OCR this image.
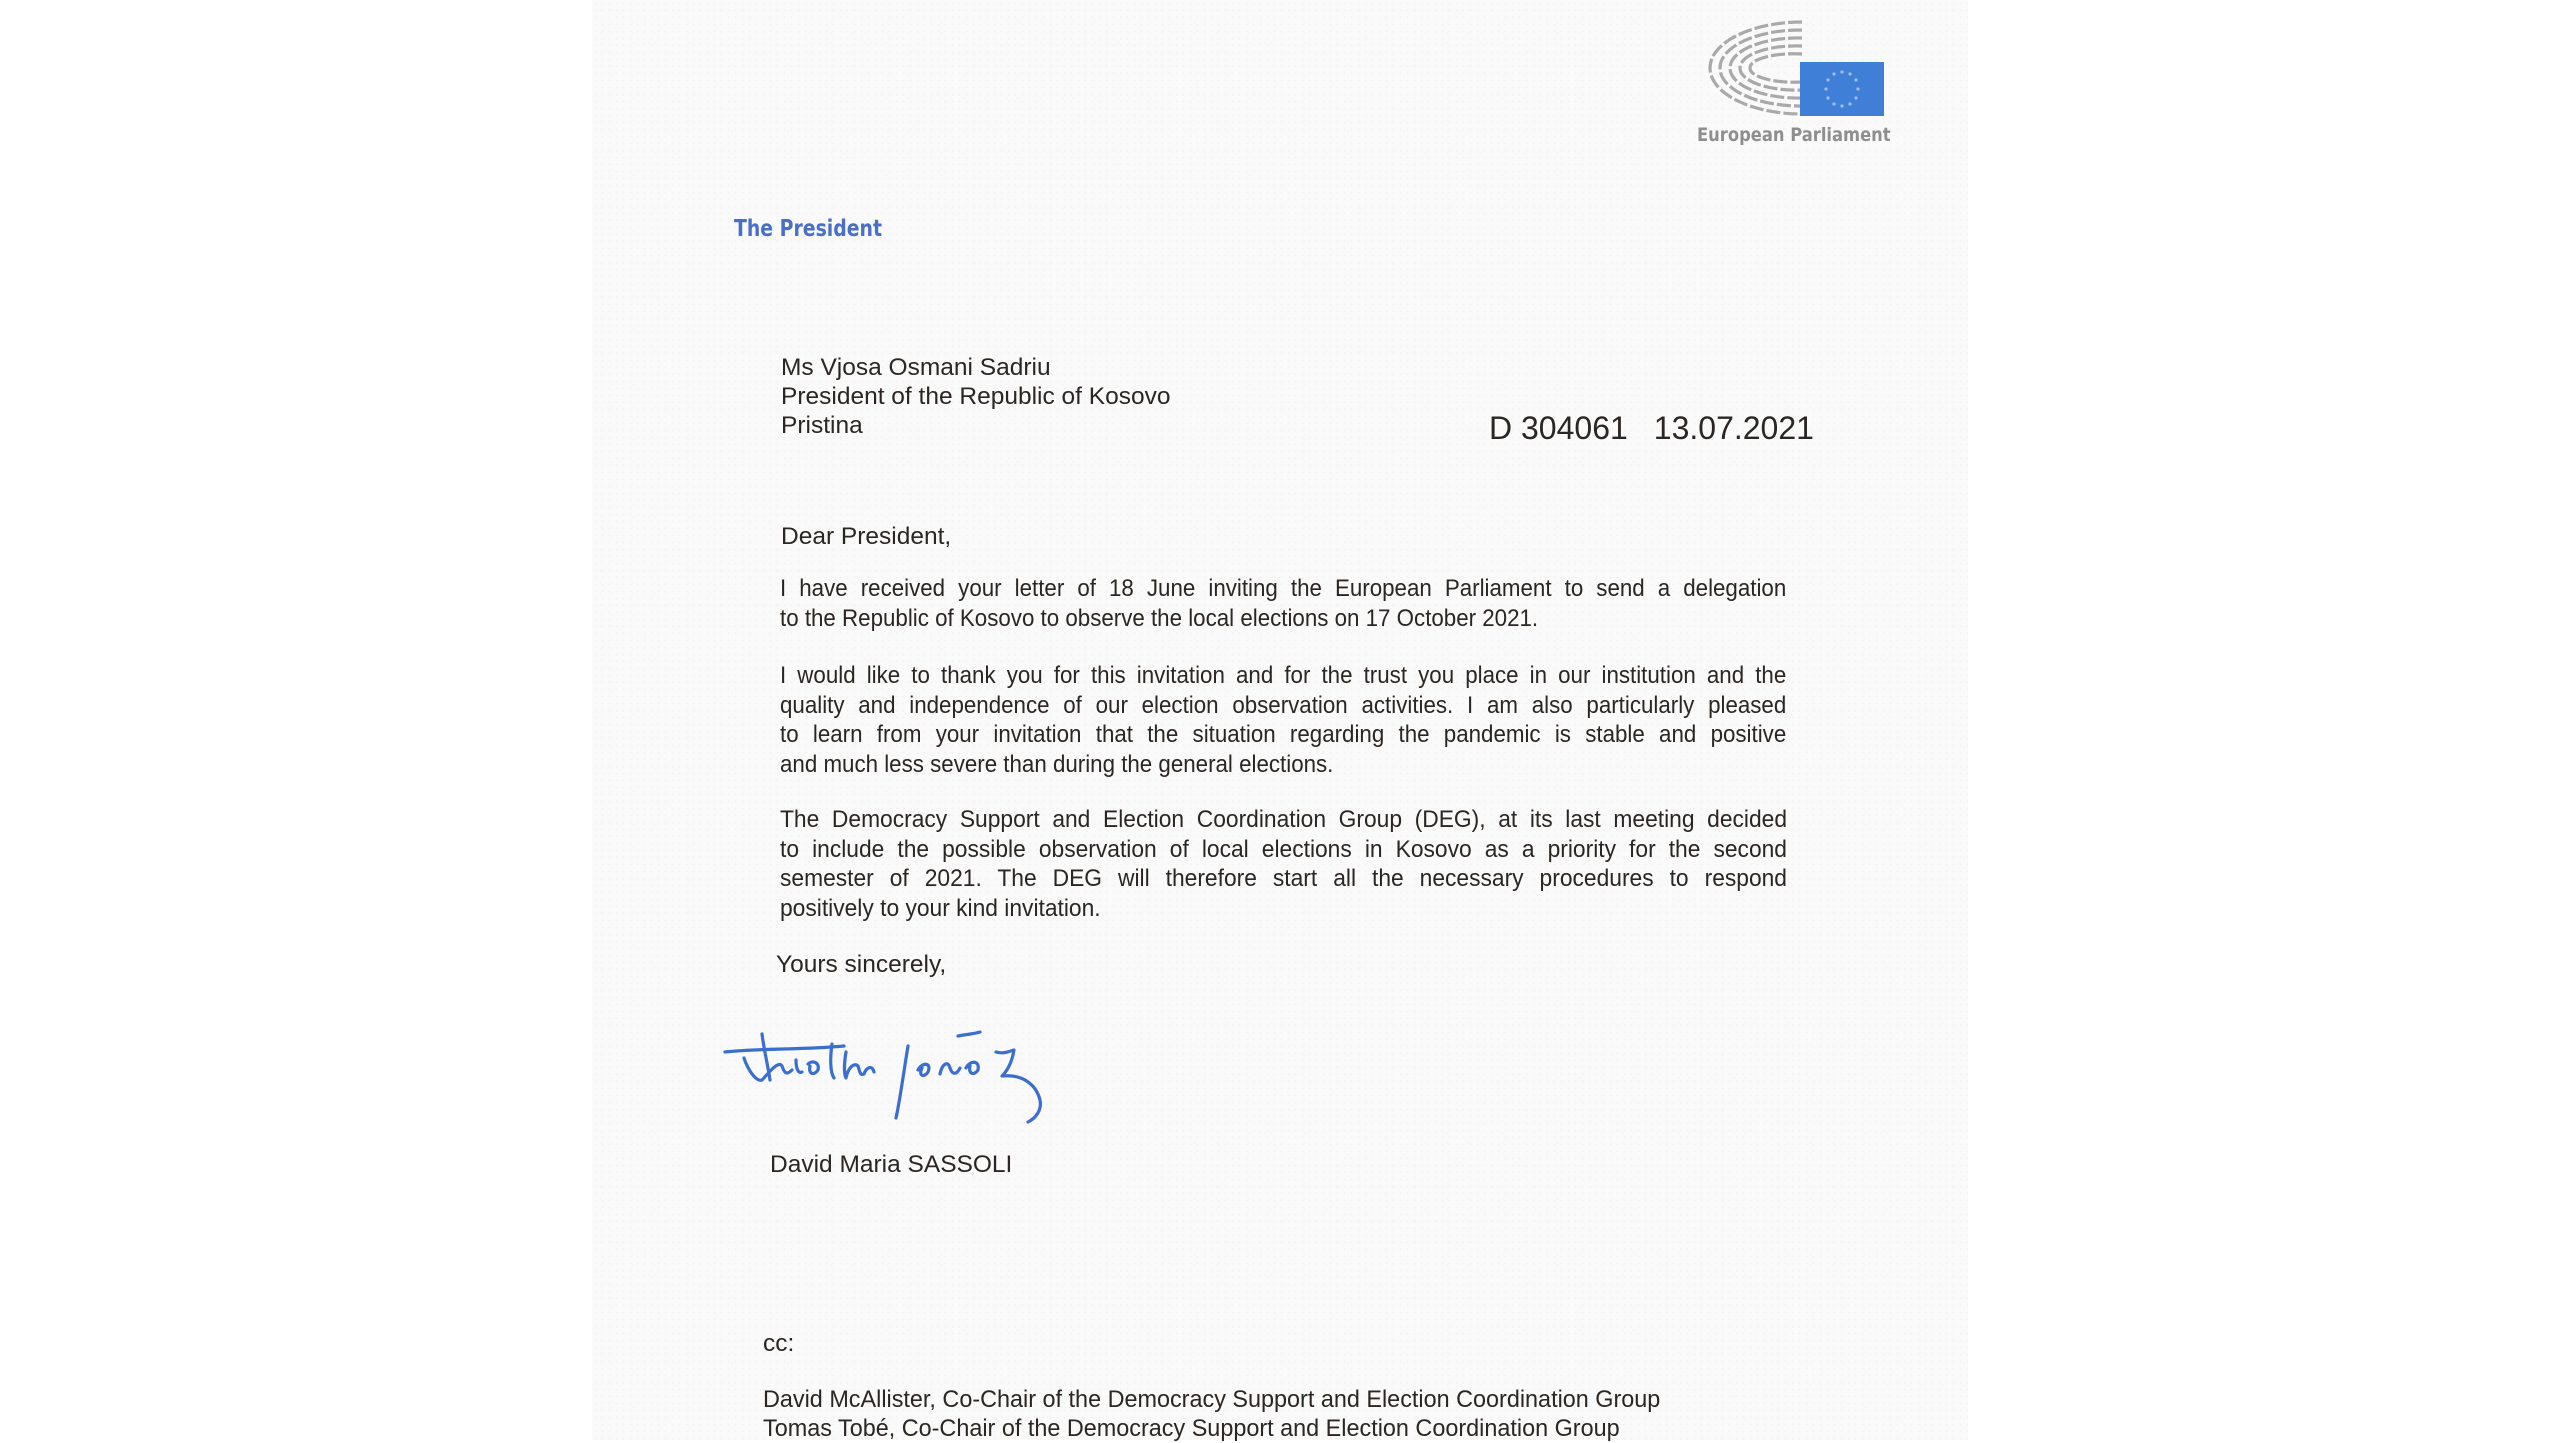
European Parliament
The President
Ms Vjosa Osmani Sadriu
President of the Republic of Kosovo
Pristina	D 304061 13.07.2021
Dear President,
I have received your letter of 18 June inviting the European Parliament to send a delegation
to the Republic of Kosovo to observe the local elections on 17 October 2021.
I would like to thank you for this invitation and for the trust you place in our institution and the
quality and independence of our election observation activities. I am also particularly pleased
to learn from your invitation that the situation regarding the pandemic is stable and positive
and much less severe than during the general elections.
The Democracy Support and Election Coordination Group (DEG), at its last meeting decided
to include the possible observation of local elections in Kosovo as a priority for the second
semester of 2021. The DEG will therefore start all the necessary procedures to respond
positively to your kind invitation.
Yours sincerely,
David Maria SASSOLI
cc:
David McAllister, Co-Chair of the Democracy Support and Election Coordination Group
Tomas Tobé, Co-Chair of the Democracy Support and Election Coordination Group
